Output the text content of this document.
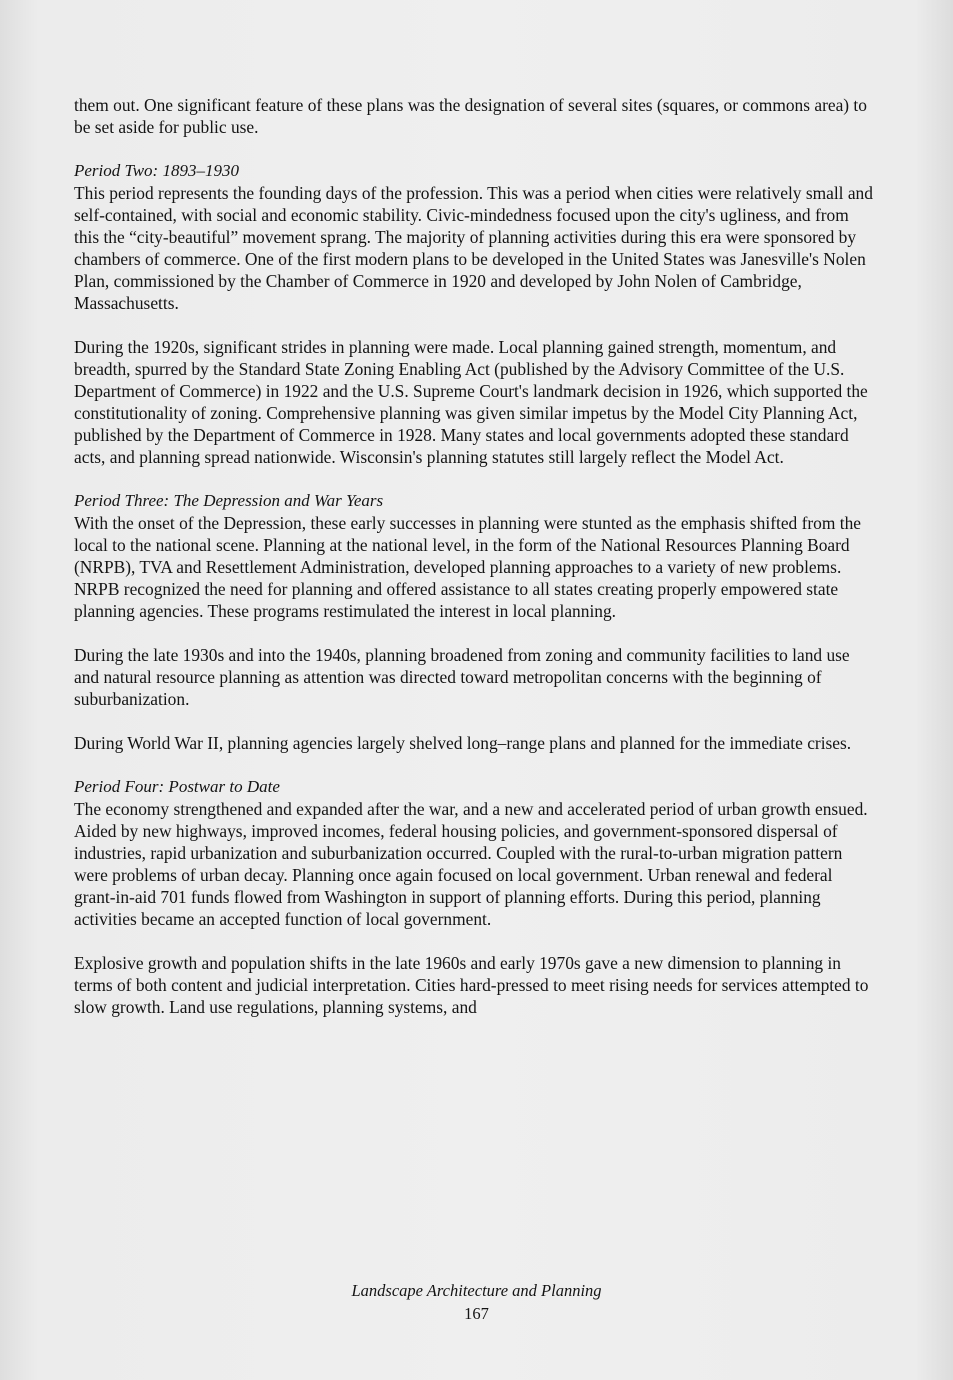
them out. One significant feature of these plans was the designation of several sites (squares, or commons area) to be set aside for public use.

Period Two: 1893–1930

This period represents the founding days of the profession. This was a period when cities were relatively small and self-contained, with social and economic stability. Civic-mindedness focused upon the city's ugliness, and from this the “city-beautiful” movement sprang. The majority of planning activities during this era were sponsored by chambers of commerce. One of the first modern plans to be developed in the United States was Janesville's Nolen Plan, commissioned by the Chamber of Commerce in 1920 and developed by John Nolen of Cambridge, Massachusetts.

During the 1920s, significant strides in planning were made. Local planning gained strength, momentum, and breadth, spurred by the Standard State Zoning Enabling Act (published by the Advisory Committee of the U.S. Department of Commerce) in 1922 and the U.S. Supreme Court's landmark decision in 1926, which supported the constitutionality of zoning. Comprehensive planning was given similar impetus by the Model City Planning Act, published by the Department of Commerce in 1928. Many states and local governments adopted these standard acts, and planning spread nationwide. Wisconsin's planning statutes still largely reflect the Model Act.

Period Three: The Depression and War Years

With the onset of the Depression, these early successes in planning were stunted as the emphasis shifted from the local to the national scene. Planning at the national level, in the form of the National Resources Planning Board (NRPB), TVA and Resettlement Administration, developed planning approaches to a variety of new problems. NRPB recognized the need for planning and offered assistance to all states creating properly empowered state planning agencies. These programs restimulated the interest in local planning.

During the late 1930s and into the 1940s, planning broadened from zoning and community facilities to land use and natural resource planning as attention was directed toward metropolitan concerns with the beginning of suburbanization.

During World War II, planning agencies largely shelved long–range plans and planned for the immediate crises.

Period Four: Postwar to Date

The economy strengthened and expanded after the war, and a new and accelerated period of urban growth ensued. Aided by new highways, improved incomes, federal housing policies, and government-sponsored dispersal of industries, rapid urbanization and suburbanization occurred. Coupled with the rural-to-urban migration pattern were problems of urban decay. Planning once again focused on local government. Urban renewal and federal grant-in-aid 701 funds flowed from Washington in support of planning efforts. During this period, planning activities became an accepted function of local government.

Explosive growth and population shifts in the late 1960s and early 1970s gave a new dimension to planning in terms of both content and judicial interpretation. Cities hard-pressed to meet rising needs for services attempted to slow growth. Land use regulations, planning systems, and

Landscape Architecture and Planning
167
